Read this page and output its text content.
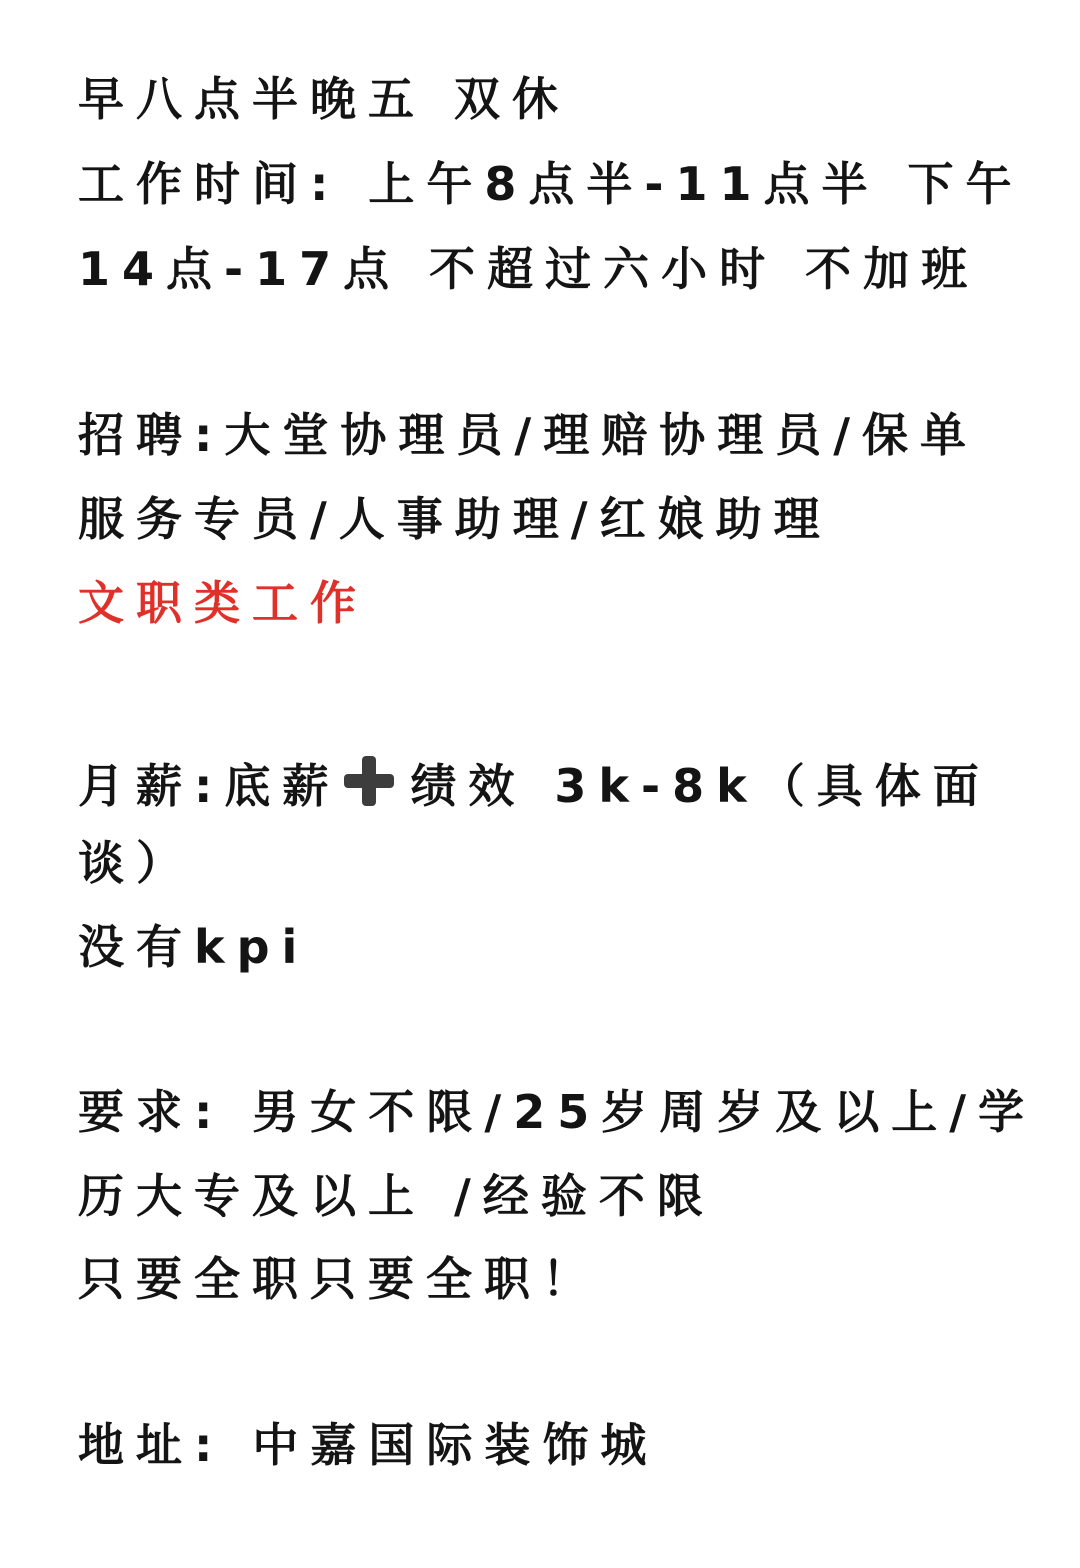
早八点半晚五 双休
工作时间: 上午8点半-11点半 下午
14点-17点 不超过六小时 不加班
招聘:大堂协理员/理赔协理员/保单
服务专员/人事助理/红娘助理
文职类工作
月薪:底薪 绩效 3k-8k（具体面
谈）
没有kpi
要求: 男女不限/25岁周岁及以上/学
历大专及以上 /经验不限
只要全职只要全职！
地址: 中嘉国际装饰城
